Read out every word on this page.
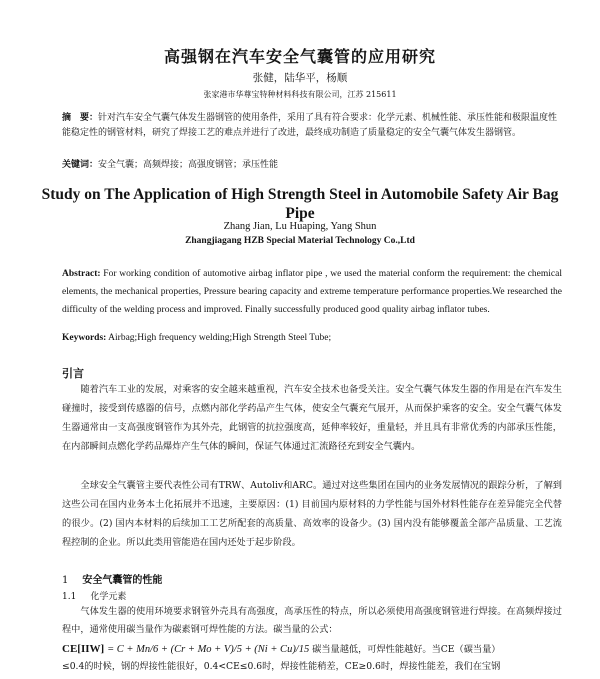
高强钢在汽车安全气囊管的应用研究
张健，陆华平，杨顺
张家港市华尊宝特种材料科技有限公司，江苏 215611
摘　要：针对汽车安全气囊气体发生器钢管的使用条件，采用了具有符合要求：化学元素、机械性能、承压性能和极限温度性能稳定性的钢管材料，研究了焊接工艺的难点并进行了改进，最终成功制造了质量稳定的安全气囊气体发生器钢管。
关键词：安全气囊；高频焊接；高强度钢管；承压性能
Study on The Application of High Strength Steel in Automobile Safety Air Bag Pipe
Zhang Jian, Lu Huaping, Yang Shun
Zhangjiagang HZB Special Material Technology Co.,Ltd
Abstract: For working condition of automotive airbag inflator pipe , we used the material conform the requirement: the chemical elements, the mechanical properties, Pressure bearing capacity and extreme temperature performance properties.We researched the difficulty of the welding process and improved. Finally successfully produced good quality airbag inflator tubes.
Keywords: Airbag;High frequency welding;High Strength Steel Tube;
引言
随着汽车工业的发展，对乘客的安全越来越重视，汽车安全技术也备受关注。安全气囊气体发生器的作用是在汽车发生碰撞时，接受到传感器的信号，点燃内部化学药品产生气体，使安全气囊充气展开，从而保护乘客的安全。安全气囊气体发生器通常由一支高强度钢管作为其外壳，此钢管的抗拉强度高，延伸率较好，重量轻，并且具有非常优秀的内部承压性能，在内部瞬间点燃化学药品爆炸产生气体的瞬间，保证气体通过汇流路径充到安全气囊内。
全球安全气囊管主要代表性公司有TRW、Autoliv和ARC。通过对这些集团在国内的业务发展情况的跟踪分析，了解到这些公司在国内业务本土化拓展并不迅速，主要原因：(1) 目前国内原材料的力学性能与国外材料性能存在差异能完全代替的很少。(2) 国内本材料的后续加工工艺所配套的高质量、高效率的设备少。(3) 国内没有能够覆盖全部产品质量、工艺流程控制的企业。所以此类用管能造在国内还处于起步阶段。
1 安全气囊管的性能
1.1 化学元素
气体发生器的使用环境要求钢管外壳具有高强度，高承压性的特点，所以必须使用高强度钢管进行焊接。在高频焊接过程中，通常使用碳当量作为碳素钢可焊性能的方法。碳当量的公式：
CE[IIW] = C + Mn/6 + (Cr + Mo + V)/5 + (Ni + Cu)/15 碳当量越低，可焊性能越好。当CE（碳当量）
≤0.4的时候，钢的焊接性能很好，0.4<CE≤0.6时，焊接性能稍差，CE≥0.6时，焊接性能差，我们在宝钢
